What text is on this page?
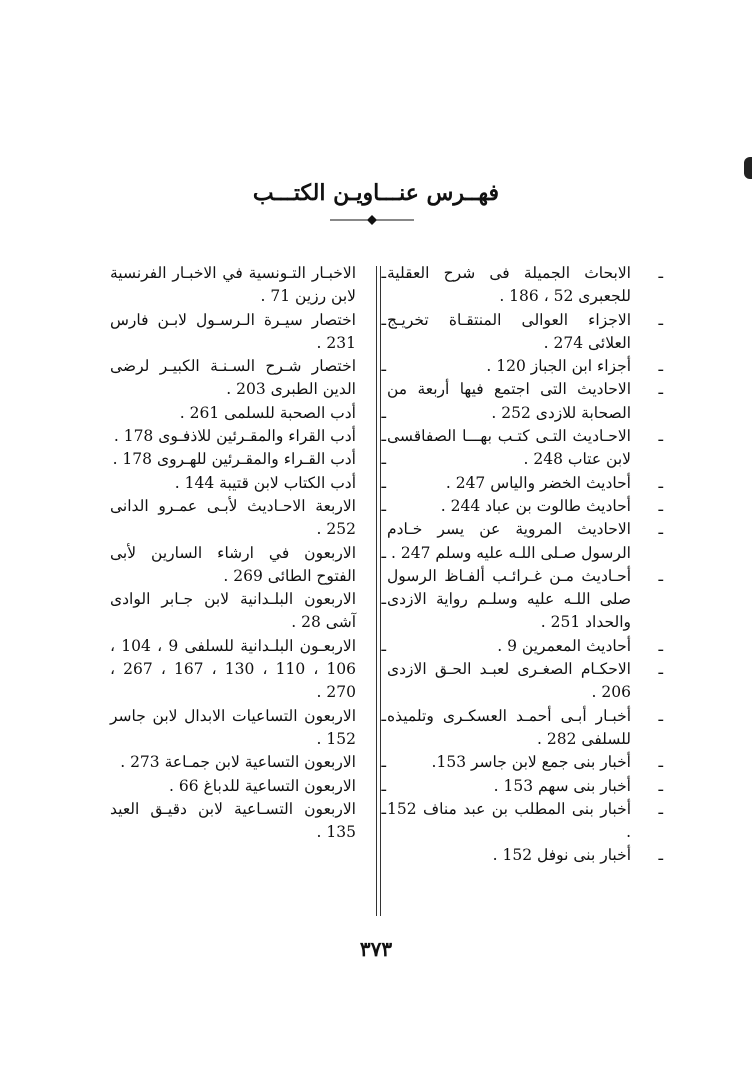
فهــرس عنـــاويـن الكتـــب

ـ
الابحاث الجميلة فى شرح العقلية للجعبرى 52 ، 186 .

ـ
الاجزاء العوالى المنتقـاة تخريـج العلائى 274 .

ـ
أجزاء ابن الجباز 120 .

ـ
الاحاديث التى اجتمع فيها أربعة من الصحابة للازدى 252 .

ـ
الاحـاديث التـى كتـب بهـــا الصفاقسى لابن عتاب 248 .

ـ
أحاديث الخضر والياس 247 .

ـ
أحاديث طالوت بن عباد 244 .

ـ
الاحاديث المروية عن يسر خـادم الرسول صـلى اللـه عليه وسلم 247 .

ـ
أحـاديث مـن غـرائـب ألفـاظ الرسول صلى اللـه عليه وسلـم رواية الازدى والحداد 251 .

ـ
أحاديث المعمرين 9 .

ـ
الاحكـام الصغـرى لعبـد الحـق الازدى 206 .

ـ
أخبـار أبـى أحمـد العسكـرى وتلميذه للسلفى 282 .

ـ
أخبار بنى جمع لابن جاسر 153.

ـ
أخبار بنى سهم 153 .

ـ
أخبار بنى المطلب بن عبد مناف 152 .

ـ
أخبار بنى نوفل 152 .

ـ
الاخبـار التـونسية في الاخبـار الفرنسية لابن رزين 71 .

ـ
اختصار سيـرة الـرسـول لابـن فارس 231 .

ـ
اختصار شـرح السـنـة الكبيـر لرضى الدين الطبرى 203 .

ـ
أدب الصحبة للسلمى 261 .

ـ
أدب القراء والمقـرئين للاذفـوى 178 .

ـ
أدب القـراء والمقـرئين للهـروى 178 .

ـ
أدب الكتاب لابن قتيبة 144 .

ـ
الاربعة الاحـاديث لأبـى عمـرو الدانى 252 .

ـ
الاربعون في ارشاء السارين لأبى الفتوح الطائى 269 .

ـ
الاربعون البلـدانية لابن جـابر الوادى آشى 28 .

ـ
الاربعـون البلـدانية للسلفى 9 ، 104 ، 106 ، 110 ، 130 ، 167 ، 267 ، 270 .

ـ
الاربعون التساعيات الابدال لابن جاسر 152 .

ـ
الاربعون التساعية لابن جمـاعة 273 .

ـ
الاربعون التساعية للدباغ 66 .

ـ
الاربعون التسـاعية لابن دقيـق العيد 135 .

٣٧٣
